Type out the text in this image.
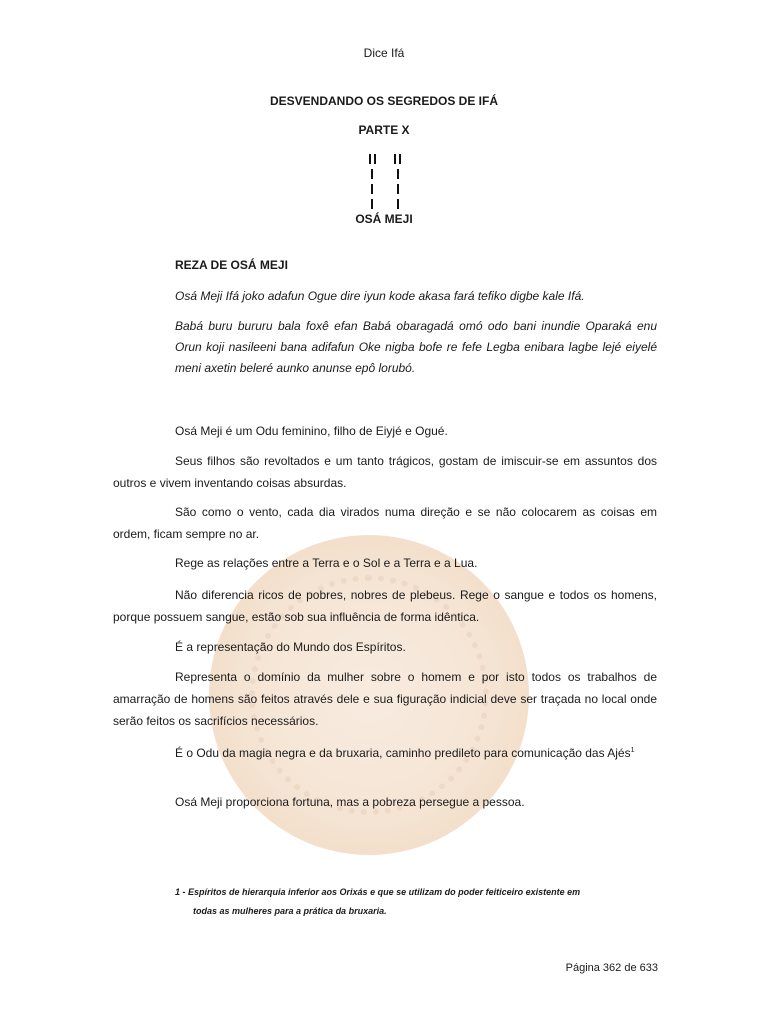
Dice Ifá
DESVENDANDO OS SEGREDOS DE IFÁ
PARTE X
OSÁ MEJI
REZA DE OSÁ MEJI
Osá Meji Ifá joko adafun Ogue dire iyun kode akasa fará tefiko digbe kale Ifá.
Babá buru bururu bala foxê efan Babá obaragadá omó odo bani inundie Oparaká enu Orun koji nasileeni bana adifafun Oke nigba bofe re fefe Legba enibara lagbe lejé eiyelé meni axetin beleré aunko anunse epô lorubó.

Osá Meji é um Odu feminino, filho de Eiyjé e Ogué.

Seus filhos são revoltados e um tanto trágicos, gostam de imiscuir-se em assuntos dos outros e vivem inventando coisas absurdas.

São como o vento, cada dia virados numa direção e se não colocarem as coisas em ordem, ficam sempre no ar.

Rege as relações entre a Terra e o Sol e a Terra e a Lua.

Não diferencia ricos de pobres, nobres de plebeus. Rege o sangue e todos os homens, porque possuem sangue, estão sob sua influência de forma idêntica.

É a representação do Mundo dos Espíritos.

Representa o domínio da mulher sobre o homem e por isto todos os trabalhos de amarração de homens são feitos através dele e sua figuração indicial deve ser traçada no local onde serão feitos os sacrifícios necessários.

É o Odu da magia negra e da bruxaria, caminho predileto para comunicação das Ajés$^1$

Osá Meji proporciona fortuna, mas a pobreza persegue a pessoa.

1 - Espíritos de hierarquia inferior aos Orixás e que se utilizam do poder feiticeiro existente em
todas as mulheres para a prática da bruxaria.
Página 362 de 633
